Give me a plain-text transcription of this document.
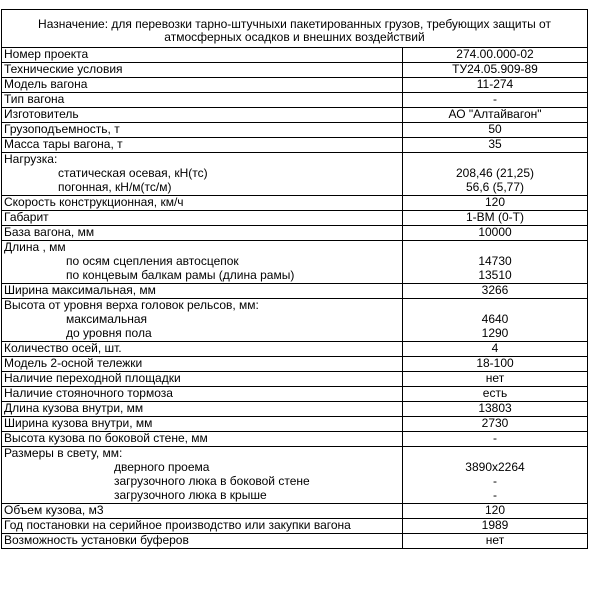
Назначение: для перевозки тарно-штучныхи пакетированных грузов, требующих защиты от атмосферных осадков и внешних воздействий
Номер проекта	274.00.000-02
Технические условия	ТУ24.05.909-89
Модель вагона	11-274
Тип вагона	-
Изготовитель	АО "Алтайвагон"
Грузоподъемность, т	50
Масса тары вагона, т	35
Нагрузка:	
статическая осевая, кН(тс)	208,46 (21,25)
погонная, кН/м(тс/м)	56,6 (5,77)
Скорость конструкционная, км/ч	120
Габарит	1-ВМ (0-Т)
База вагона, мм	10000
Длина , мм	
по осям сцепления автосцепок	14730
по концевым балкам рамы (длина рамы)	13510
Ширина максимальная, мм	3266
Высота от уровня верха головок рельсов, мм:	
максимальная	4640
до уровня пола	1290
Количество осей, шт.	4
Модель 2-осной тележки	18-100
Наличие переходной площадки	нет
Наличие стояночного тормоза	есть
Длина кузова внутри, мм	13803
Ширина кузова внутри, мм	2730
Высота кузова по боковой стене, мм	-
Размеры в свету, мм:	
дверного проема	3890х2264
загрузочного люка в боковой стене	-
загрузочного люка в крыше	-
Объем кузова, м3	120
Год постановки на серийное производство или закупки вагона	1989
Возможность установки буферов	нет
